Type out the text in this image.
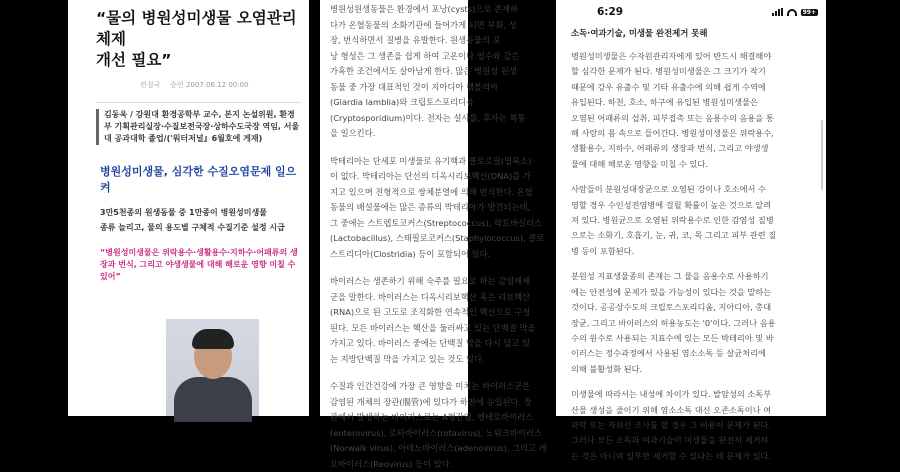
“물의 병원성미생물 오염관리체제
개선 필요”
편집국 승인 2007.06.12 00:00
김동욱 / 강원대 환경공학부 교수, 본지 논설위원, 환경
부 기획관리실장·수질보전국장·상하수도국장 역임, 서울
대 공과대학 졸업/('워터저널』6월호에 게재)
병원성미생물, 심각한 수질오염문제 일으켜
3만5천종의 원생동물 중 1만종이 병원성미생물
종류 늘리고, 물의 용도별 구체적 수질기준 설정 시급
“병원성미생물은 위락용수·생활용수·지하수·어패류의 생
장과 번식, 그리고 야생생물에 대해 해로운 영향 미칠 수
있어”
병원성원생동물은 환경에서 포낭(cysts)으로 존재하
다가 온혈동물의 소화기관에 들어가게 되면 부화, 성
장, 번식하면서 질병을 유발한다. 원생동물의 포
낭 형성은 그 생존을 쉽게 하여 고온이나 염수와 같은
가혹한 조건에서도 살아남게 한다. 많은 병원성 원생
동물 중 가장 대표적인 것이 지아디아 램블리아
(Giardia lamblia)와 크립토스포리디움
(Cryptosporidium)이다. 전자는 설사를, 후자는 복통
을 일으킨다.
박테리아는 단세포 미생물로 유기핵과 클로로필(엽록소)
이 없다. 박테리아는 단선의 디옥시리보핵산(DNA)를 가
지고 있으며 전형적으로 쌍체분열에 의해 번식한다. 온혈
동물의 배설물에는 많은 종류의 박테리아가 발견되는데,
그 중에는 스트렙토코커스(Streptococcus), 락토바실러스
(Lactobacillus), 스태필로코커스(Staphylococcus), 클로
스트리디아(Clostridia) 등이 포함되어 있다.
바이러스는 생존하기 위해 숙주를 필요로 하는 감염매체
군을 말한다. 바이러스는 디옥시리보핵산 혹은 리보핵산
(RNA)으로 된 고도로 조직화한 연속적인 핵산으로 구성
된다. 모든 바이러스는 핵산을 둘러싸고 있는 단백질 막을
가지고 있다. 바이러스 중에는 단백질 막을 다시 덮고 있
는 지방단백질 막을 가지고 있는 것도 있다.
수질과 인간건강에 가장 큰 영향을 미치는 바이러스군은
감염된 개체의 장관(腸管)에 있다가 하천에 유입된다. 장
관에서 발생하는 바이러스로는 A형간염, 엔테로바이러스
(enterovirus), 로타바이러스(rotavirus), 노워크바이러스
(Norwalk virus), 아데노바이러스(adenovirus), 그리고 레
오바이러스(Reovirus) 등이 있다.
6:29	99+
소독·여과기술, 미생물 완전제거 못해
병원성미생물은 수자원관리자에게 있어 반드시 해결해야
할 심각한 문제가 된다. 병원성미생물은 그 크기가 작기
때문에 강우 유출수 및 기타 유출수에 의해 쉽게 수역에
유입된다. 하천, 호소, 하구에 유입된 병원성미생물은
오염된 어패류의 섭취, 피부접촉 또는 음용수의 음용을 통
해 사람의 몸 속으로 들어간다. 병원성미생물은 위락용수,
생활용수, 지하수, 어패류의 생장과 번식, 그리고 야생생
물에 대해 해로운 영향을 미칠 수 있다.
사람들이 분원성대장균으로 오염된 강이나 호소에서 수
영할 경우 수인성전염병에 걸릴 확률이 높은 것으로 알려
져 있다. 병원균으로 오염된 위락용수로 인한 감염성 질병
으로는 소화기, 호흡기, 눈, 귀, 코, 목 그리고 피부 관련 질
병 등이 포함된다.
분원성 지표생물종의 존재는 그 물을 음용수로 사용하기
에는 안전성에 문제가 있을 가능성이 있다는 것을 말하는
것이다. 공공상수도의 크립토스포리디움, 지아디아, 총대
장균, 그리고 바이러스의 허용농도는 '0'이다. 그러나 음용
수의 원수로 사용되는 지표수에 있는 모든 박테리아 및 바
이러스는 정수과정에서 사용된 염소소독 등 살균처리에
의해 불활성화 된다.
미생물에 따라서는 내성에 차이가 있다. 발암성의 소독부
산물 생성을 줄이기 위해 염소소독 대신 오존소독이나 여
과막 또는 자외선 조사를 할 경우 그 비용이 문제가 된다.
그러나 모든 소독과 여과기술이 미생물을 완전히 제거하
는 것은 아니며 일부만 제거할 수 있다는 데 문제가 있다.
